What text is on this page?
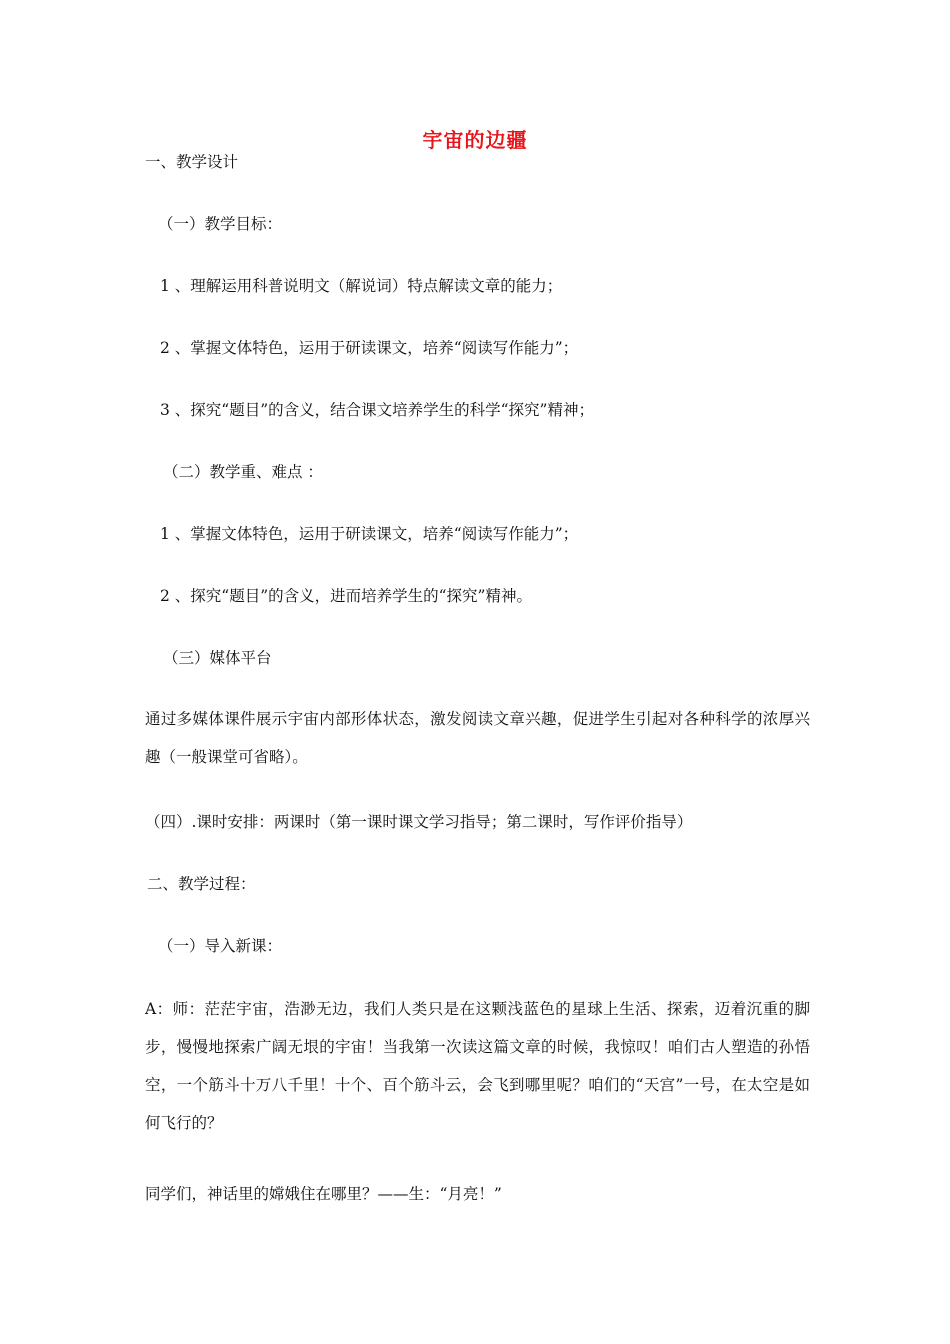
宇宙的边疆
一、教学设计
（一）教学目标：
1 、理解运用科普说明文（解说词）特点解读文章的能力；
2 、掌握文体特色，运用于研读课文，培养“阅读写作能力”；
3 、探究“题目”的含义，结合课文培养学生的科学“探究”精神；
（二）教学重、难点 ：
1 、掌握文体特色，运用于研读课文，培养“阅读写作能力”；
2 、探究“题目”的含义，进而培养学生的“探究”精神。
（三）媒体平台
通过多媒体课件展示宇宙内部形体状态，激发阅读文章兴趣，促进学生引起对各种科学的浓厚兴趣（一般课堂可省略）。
（四）.课时安排：两课时（第一课时课文学习指导；第二课时，写作评价指导）
二、教学过程：
（一）导入新课：
A：师：茫茫宇宙，浩渺无边，我们人类只是在这颗浅蓝色的星球上生活、探索，迈着沉重的脚步，慢慢地探索广阔无垠的宇宙！当我第一次读这篇文章的时候，我惊叹！咱们古人塑造的孙悟空，一个筋斗十万八千里！十个、百个筋斗云，会飞到哪里呢？咱们的“天宫”一号，在太空是如何飞行的？
同学们，神话里的嫦娥住在哪里？——生：“月亮！”
